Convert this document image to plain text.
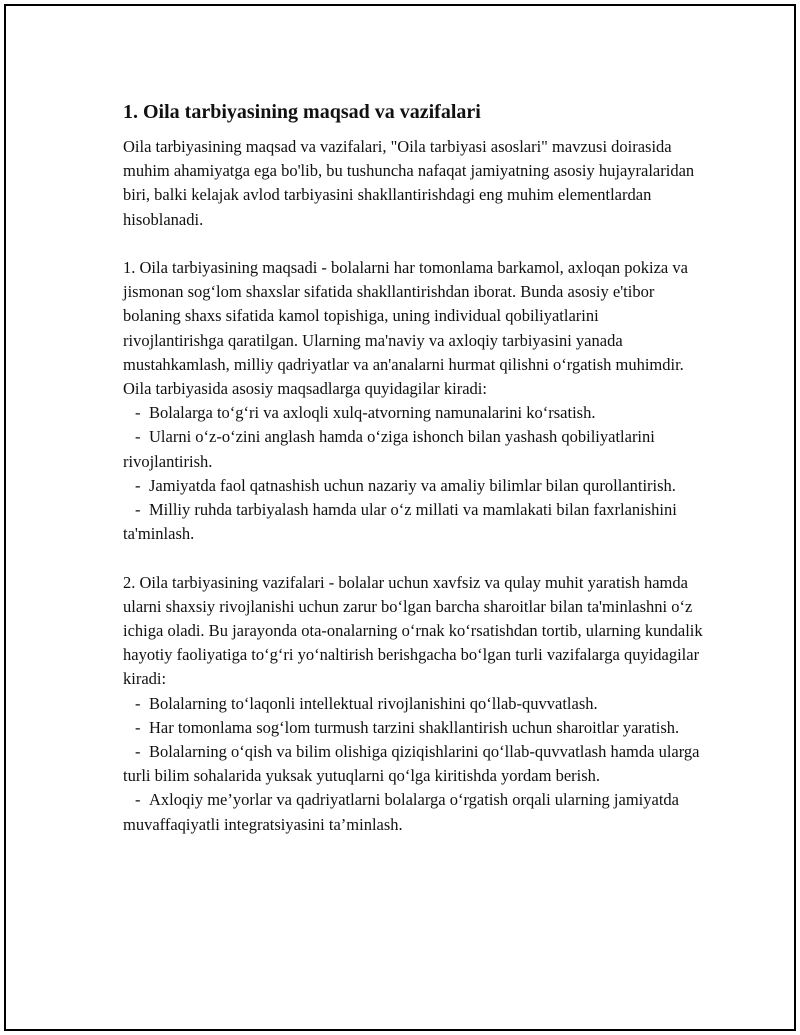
1. Oila tarbiyasining maqsad va vazifalari

Oila tarbiyasining maqsad va vazifalari, "Oila tarbiyasi asoslari" mavzusi doirasida muhim ahamiyatga ega bo'lib, bu tushuncha nafaqat jamiyatning asosiy hujayralaridan biri, balki kelajak avlod tarbiyasini shakllantirishdagi eng muhim elementlardan hisoblanadi.

1. Oila tarbiyasining maqsadi - bolalarni har tomonlama barkamol, axloqan pokiza va jismonan sog‘lom shaxslar sifatida shakllantirishdan iborat. Bunda asosiy e'tibor bolaning shaxs sifatida kamol topishiga, uning individual qobiliyatlarini rivojlantirishga qaratilgan. Ularning ma'naviy va axloqiy tarbiyasini yanada mustahkamlash, milliy qadriyatlar va an'analarni hurmat qilishni o‘rgatish muhimdir. Oila tarbiyasida asosiy maqsadlarga quyidagilar kiradi:

- Bolalarga to‘g‘ri va axloqli xulq-atvorning namunalarini ko‘rsatish.

- Ularni o‘z-o‘zini anglash hamda o‘ziga ishonch bilan yashash qobiliyatlarini rivojlantirish.

- Jamiyatda faol qatnashish uchun nazariy va amaliy bilimlar bilan qurollantirish.

- Milliy ruhda tarbiyalash hamda ular o‘z millati va mamlakati bilan faxrlanishini ta'minlash.

2. Oila tarbiyasining vazifalari - bolalar uchun xavfsiz va qulay muhit yaratish hamda ularni shaxsiy rivojlanishi uchun zarur bo‘lgan barcha sharoitlar bilan ta'minlashni o‘z ichiga oladi. Bu jarayonda ota-onalarning o‘rnak ko‘rsatishdan tortib, ularning kundalik hayotiy faoliyatiga to‘g‘ri yo‘naltirish berishgacha bo‘lgan turli vazifalarga quyidagilar kiradi:

- Bolalarning to‘laqonli intellektual rivojlanishini qo‘llab-quvvatlash.

- Har tomonlama sog‘lom turmush tarzini shakllantirish uchun sharoitlar yaratish.

- Bolalarning o‘qish va bilim olishiga qiziqishlarini qo‘llab-quvvatlash hamda ularga turli bilim sohalarida yuksak yutuqlarni qo‘lga kiritishda yordam berish.

- Axloqiy me’yorlar va qadriyatlarni bolalarga o‘rgatish orqali ularning jamiyatda muvaffaqiyatli integratsiyasini ta’minlash.
